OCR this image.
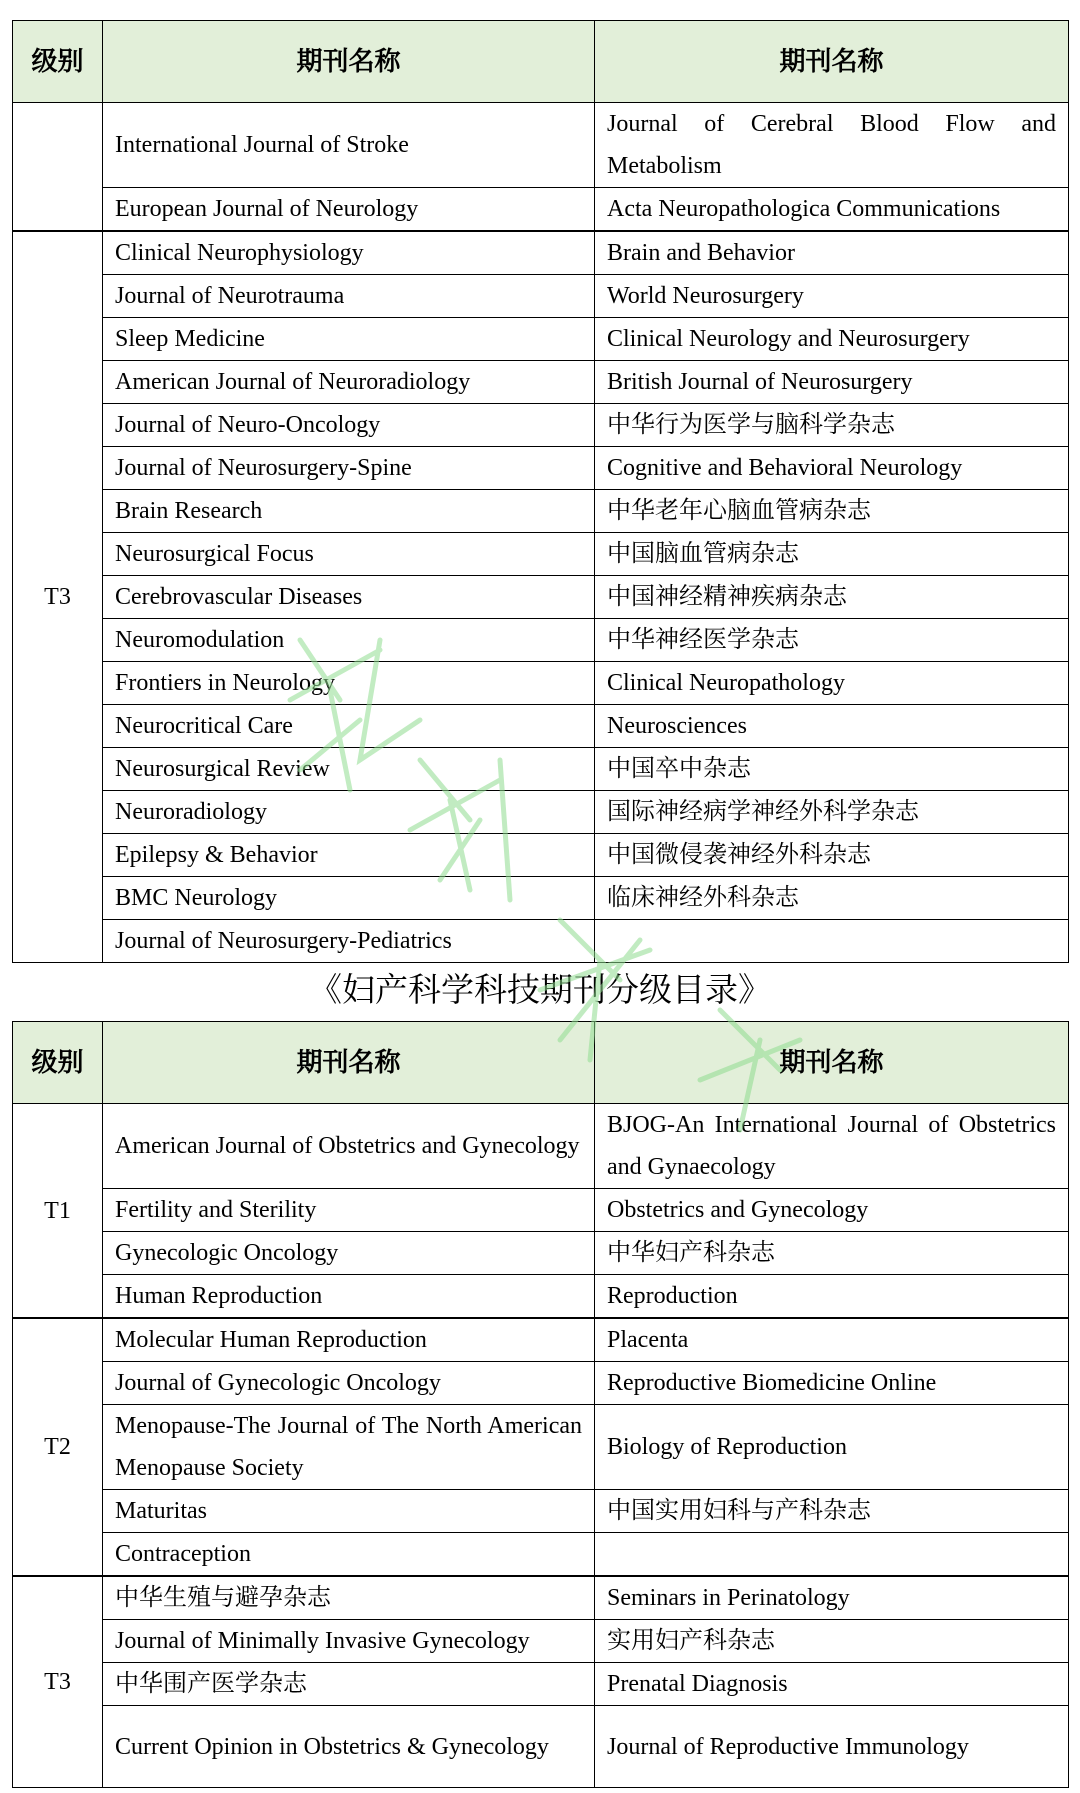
级别	期刊名称	期刊名称
	International Journal of Stroke	Journal of Cerebral Blood Flow and Metabolism
	European Journal of Neurology	Acta Neuropathologica Communications
T3	Clinical Neurophysiology	Brain and Behavior
	Journal of Neurotrauma	World Neurosurgery
	Sleep Medicine	Clinical Neurology and Neurosurgery
	American Journal of Neuroradiology	British Journal of Neurosurgery
	Journal of Neuro-Oncology	中华行为医学与脑科学杂志
	Journal of Neurosurgery-Spine	Cognitive and Behavioral Neurology
	Brain Research	中华老年心脑血管病杂志
	Neurosurgical Focus	中国脑血管病杂志
	Cerebrovascular Diseases	中国神经精神疾病杂志
	Neuromodulation	中华神经医学杂志
	Frontiers in Neurology	Clinical Neuropathology
	Neurocritical Care	Neurosciences
	Neurosurgical Review	中国卒中杂志
	Neuroradiology	国际神经病学神经外科学杂志
	Epilepsy & Behavior	中国微侵袭神经外科杂志
	BMC Neurology	临床神经外科杂志
	Journal of Neurosurgery-Pediatrics	
《妇产科学科技期刊分级目录》
级别	期刊名称	期刊名称
T1	American Journal of Obstetrics and Gynecology	BJOG-An International Journal of Obstetrics and Gynaecology
	Fertility and Sterility	Obstetrics and Gynecology
	Gynecologic Oncology	中华妇产科杂志
	Human Reproduction	Reproduction
T2	Molecular Human Reproduction	Placenta
	Journal of Gynecologic Oncology	Reproductive Biomedicine Online
	Menopause-The Journal of The North American Menopause Society	Biology of Reproduction
	Maturitas	中国实用妇科与产科杂志
	Contraception	
T3	中华生殖与避孕杂志	Seminars in Perinatology
	Journal of Minimally Invasive Gynecology	实用妇产科杂志
	中华围产医学杂志	Prenatal Diagnosis
	Current Opinion in Obstetrics & Gynecology	Journal of Reproductive Immunology
